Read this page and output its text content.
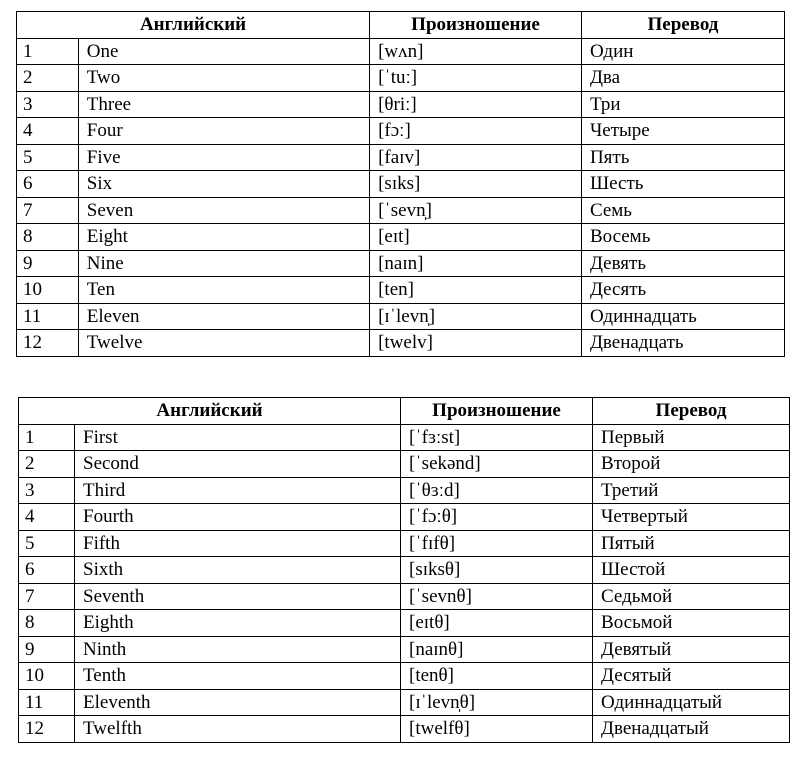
Английский		Произношение	Перевод
1	One	[wʌn]	Один
2	Two	[ˈtuː]	Два
3	Three	[θriː]	Три
4	Four	[fɔː]	Четыре
5	Five	[faɪv]	Пять
6	Six	[sɪks]	Шесть
7	Seven	[ˈsevn̩]	Семь
8	Eight	[eɪt]	Восемь
9	Nine	[naɪn]	Девять
10	Ten	[ten]	Десять
11	Eleven	[ɪˈlevn̩]	Одиннадцать
12	Twelve	[twelv]	Двенадцать
Английский		Произношение	Перевод
1	First	[ˈfɜːst]	Первый
2	Second	[ˈsekənd]	Второй
3	Third	[ˈθɜːd]	Третий
4	Fourth	[ˈfɔːθ]	Четвертый
5	Fifth	[ˈfɪfθ]	Пятый
6	Sixth	[sɪksθ]	Шестой
7	Seventh	[ˈsevnθ]	Седьмой
8	Eighth	[eɪtθ]	Восьмой
9	Ninth	[naɪnθ]	Девятый
10	Tenth	[tenθ]	Десятый
11	Eleventh	[ɪˈlevn̩θ]	Одиннадцатый
12	Twelfth	[twelfθ]	Двенадцатый
